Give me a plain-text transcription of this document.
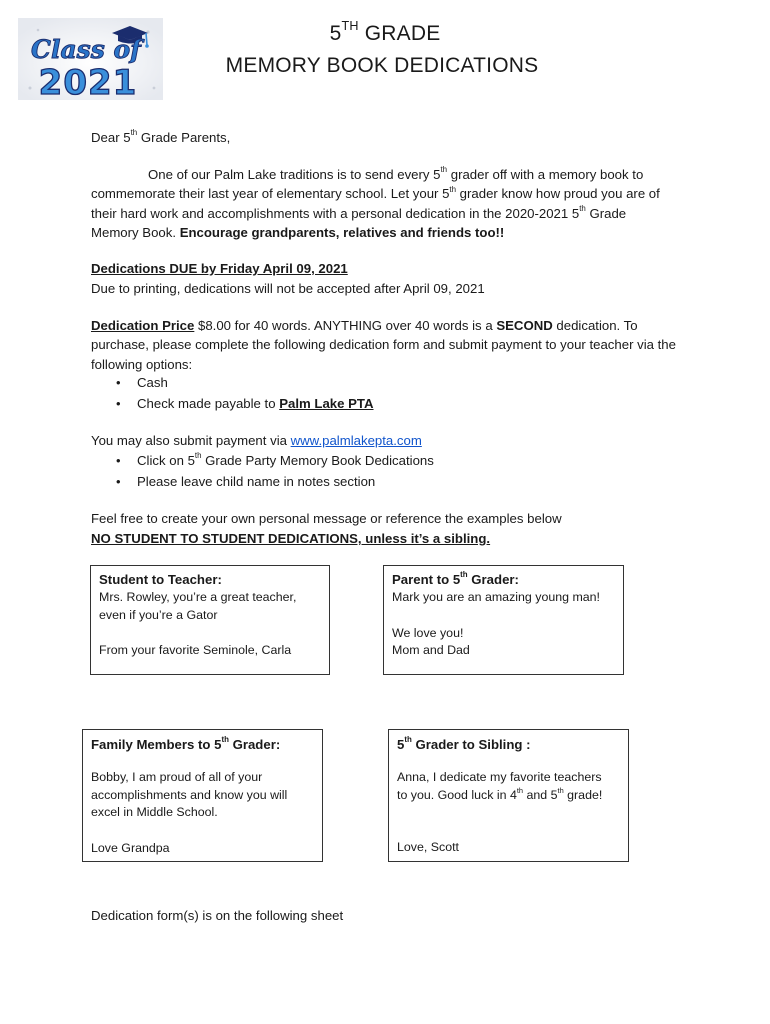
Class of
2021
5TH GRADE
MEMORY BOOK DEDICATIONS
Dear 5th Grade Parents,
One of our Palm Lake traditions is to send every 5th grader off with a memory book to commemorate their last year of elementary school. Let your 5th grader know how proud you are of their hard work and accomplishments with a personal dedication in the 2020-2021 5th Grade Memory Book. Encourage grandparents, relatives and friends too!!
Dedications DUE by Friday April 09, 2021
Due to printing, dedications will not be accepted after April 09, 2021
Dedication Price $8.00 for 40 words. ANYTHING over 40 words is a SECOND dedication. To purchase, please complete the following dedication form and submit payment to your teacher via the following options:
• Cash
• Check made payable to Palm Lake PTA
You may also submit payment via www.palmlakepta.com
• Click on 5th Grade Party Memory Book Dedications
• Please leave child name in notes section
Feel free to create your own personal message or reference the examples below
NO STUDENT TO STUDENT DEDICATIONS, unless it’s a sibling.
Student to Teacher:
Mrs. Rowley, you’re a great teacher,
even if you’re a Gator
From your favorite Seminole, Carla
Parent to 5th Grader:
Mark you are an amazing young man!
We love you!
Mom and Dad
Family Members to 5th Grader:
Bobby, I am proud of all of your
accomplishments and know you will
excel in Middle School.
Love Grandpa
5th Grader to Sibling :
Anna, I dedicate my favorite teachers
to you. Good luck in 4th and 5th grade!
Love, Scott
Dedication form(s) is on the following sheet
